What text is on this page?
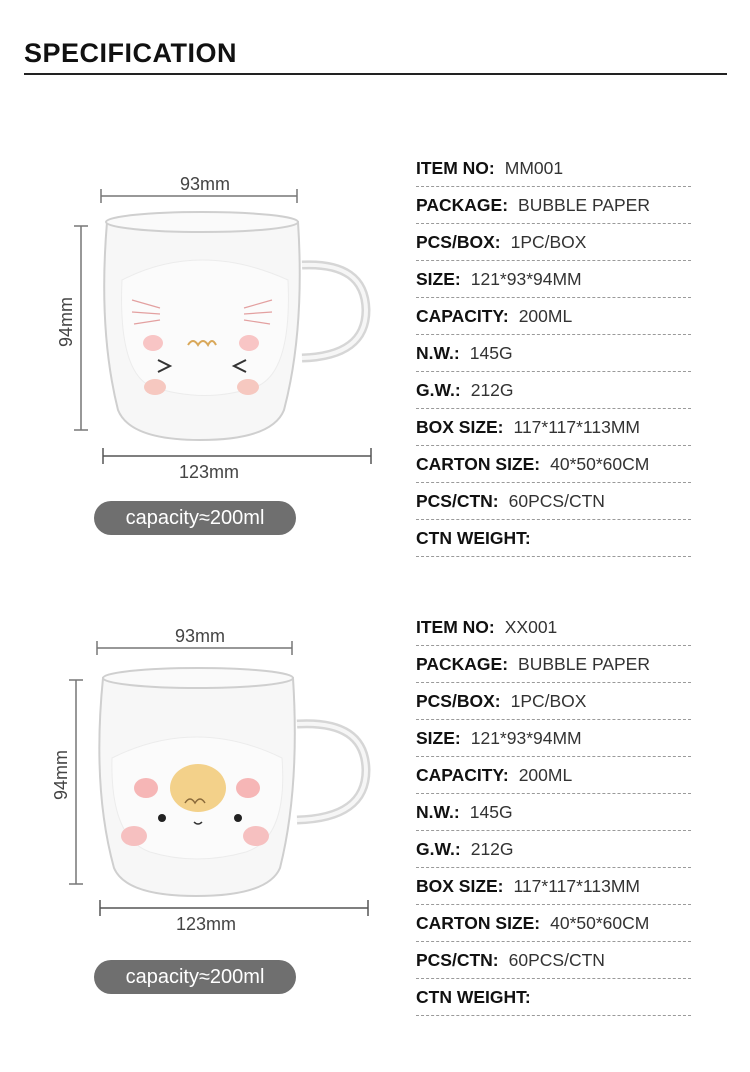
SPECIFICATION
93mm
94mm
123mm
capacity≈200ml
ITEM NO: MM001
PACKAGE: BUBBLE PAPER
PCS/BOX: 1PC/BOX
SIZE: 121*93*94MM
CAPACITY: 200ML
N.W.: 145G
G.W.: 212G
BOX SIZE: 117*117*113MM
CARTON SIZE: 40*50*60CM
PCS/CTN: 60PCS/CTN
CTN WEIGHT:
93mm
94mm
123mm
capacity≈200ml
ITEM NO: XX001
PACKAGE: BUBBLE PAPER
PCS/BOX: 1PC/BOX
SIZE: 121*93*94MM
CAPACITY: 200ML
N.W.: 145G
G.W.: 212G
BOX SIZE: 117*117*113MM
CARTON SIZE: 40*50*60CM
PCS/CTN: 60PCS/CTN
CTN WEIGHT:
